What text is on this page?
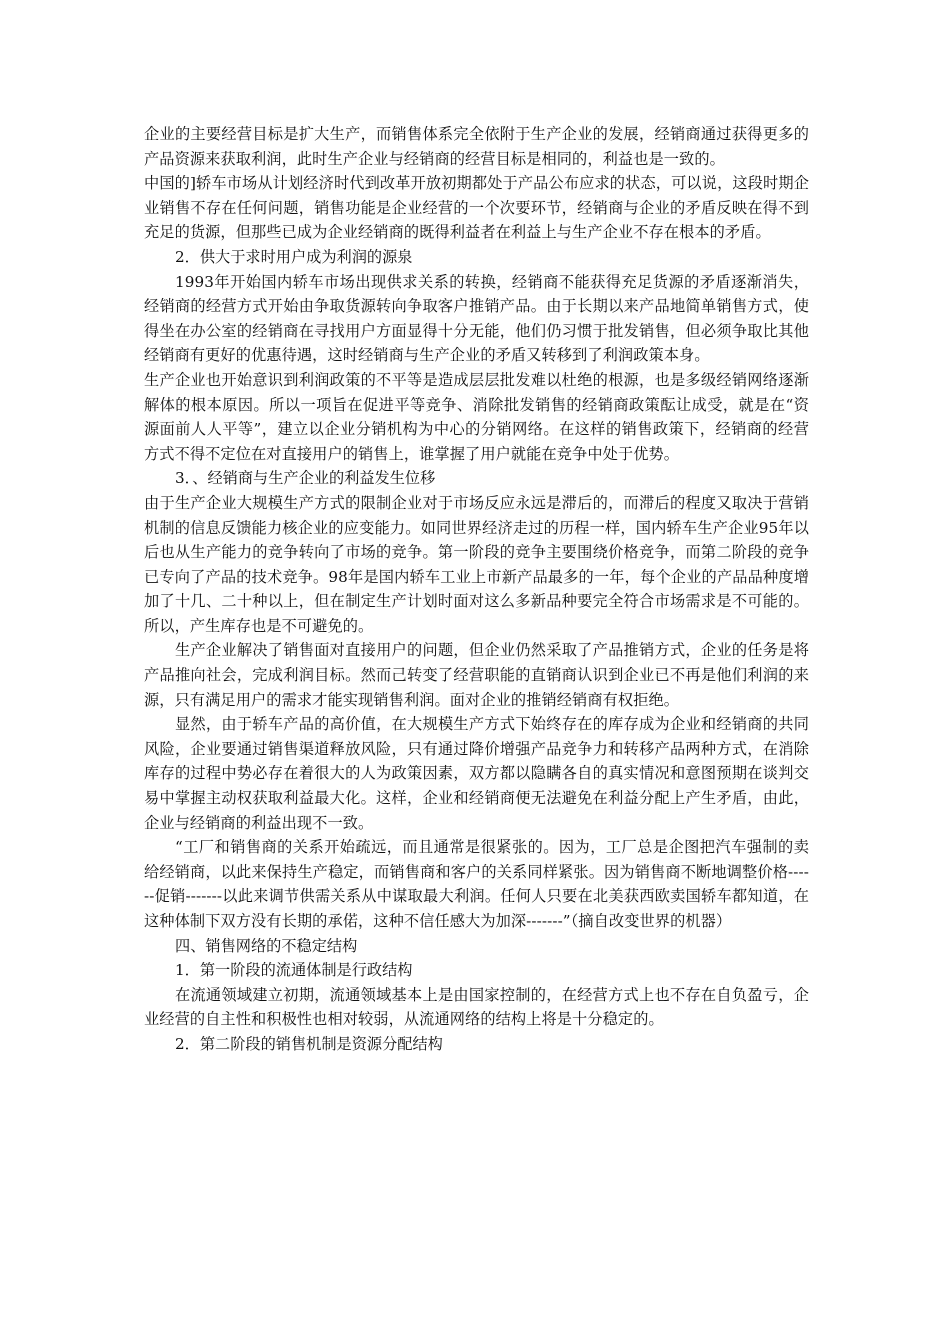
企业的主要经营目标是扩大生产，而销售体系完全依附于生产企业的发展，经销商通过获得更多的产品资源来获取利润，此时生产企业与经销商的经营目标是相同的，利益也是一致的。

中国的]轿车市场从计划经济时代到改革开放初期都处于产品公布应求的状态，可以说，这段时期企业销售不存在任何问题，销售功能是企业经营的一个次要环节，经销商与企业的矛盾反映在得不到充足的货源，但那些已成为企业经销商的既得利益者在利益上与生产企业不存在根本的矛盾。

2．供大于求时用户成为利润的源泉

1993年开始国内轿车市场出现供求关系的转换，经销商不能获得充足货源的矛盾逐渐消失，经销商的经营方式开始由争取货源转向争取客户推销产品。由于长期以来产品地简单销售方式，使得坐在办公室的经销商在寻找用户方面显得十分无能，他们仍习惯于批发销售，但必须争取比其他经销商有更好的优惠待遇，这时经销商与生产企业的矛盾又转移到了利润政策本身。

生产企业也开始意识到利润政策的不平等是造成层层批发难以杜绝的根源，也是多级经销网络逐渐解体的根本原因。所以一项旨在促进平等竞争、消除批发销售的经销商政策酝让成受，就是在“资源面前人人平等”，建立以企业分销机构为中心的分销网络。在这样的销售政策下，经销商的经营方式不得不定位在对直接用户的销售上，谁掌握了用户就能在竞争中处于优势。

3．、经销商与生产企业的利益发生位移

由于生产企业大规模生产方式的限制企业对于市场反应永远是滞后的，而滞后的程度又取决于营销机制的信息反馈能力核企业的应变能力。如同世界经济走过的历程一样，国内轿车生产企业95年以后也从生产能力的竞争转向了市场的竞争。第一阶段的竞争主要围绕价格竞争，而第二阶段的竞争已专向了产品的技术竞争。98年是国内轿车工业上市新产品最多的一年，每个企业的产品品种度增加了十几、二十种以上，但在制定生产计划时面对这么多新品种要完全符合市场需求是不可能的。所以，产生库存也是不可避免的。

生产企业解决了销售面对直接用户的问题，但企业仍然采取了产品推销方式，企业的任务是将产品推向社会，完成利润目标。然而己转变了经营职能的直销商认识到企业已不再是他们利润的来源，只有满足用户的需求才能实现销售利润。面对企业的推销经销商有权拒绝。

显然，由于轿车产品的高价值，在大规模生产方式下始终存在的库存成为企业和经销商的共同风险，企业要通过销售渠道释放风险，只有通过降价增强产品竞争力和转移产品两种方式，在消除库存的过程中势必存在着很大的人为政策因素，双方都以隐瞒各自的真实情况和意图预期在谈判交易中掌握主动权获取利益最大化。这样，企业和经销商便无法避免在利益分配上产生矛盾，由此，企业与经销商的利益出现不一致。

“工厂和销售商的关系开始疏远，而且通常是很紧张的。因为，工厂总是企图把汽车强制的卖给经销商，以此来保持生产稳定，而销售商和客户的关系同样紧张。因为销售商不断地调整价格------促销-------以此来调节供需关系从中谋取最大利润。任何人只要在北美获西欧卖国轿车都知道，在这种体制下双方没有长期的承偌，这种不信任感大为加深-------”（摘自改变世界的机器）

四、销售网络的不稳定结构

1．第一阶段的流通体制是行政结构

在流通领域建立初期，流通领域基本上是由国家控制的，在经营方式上也不存在自负盈亏，企业经营的自主性和积极性也相对较弱，从流通网络的结构上将是十分稳定的。

2．第二阶段的销售机制是资源分配结构
